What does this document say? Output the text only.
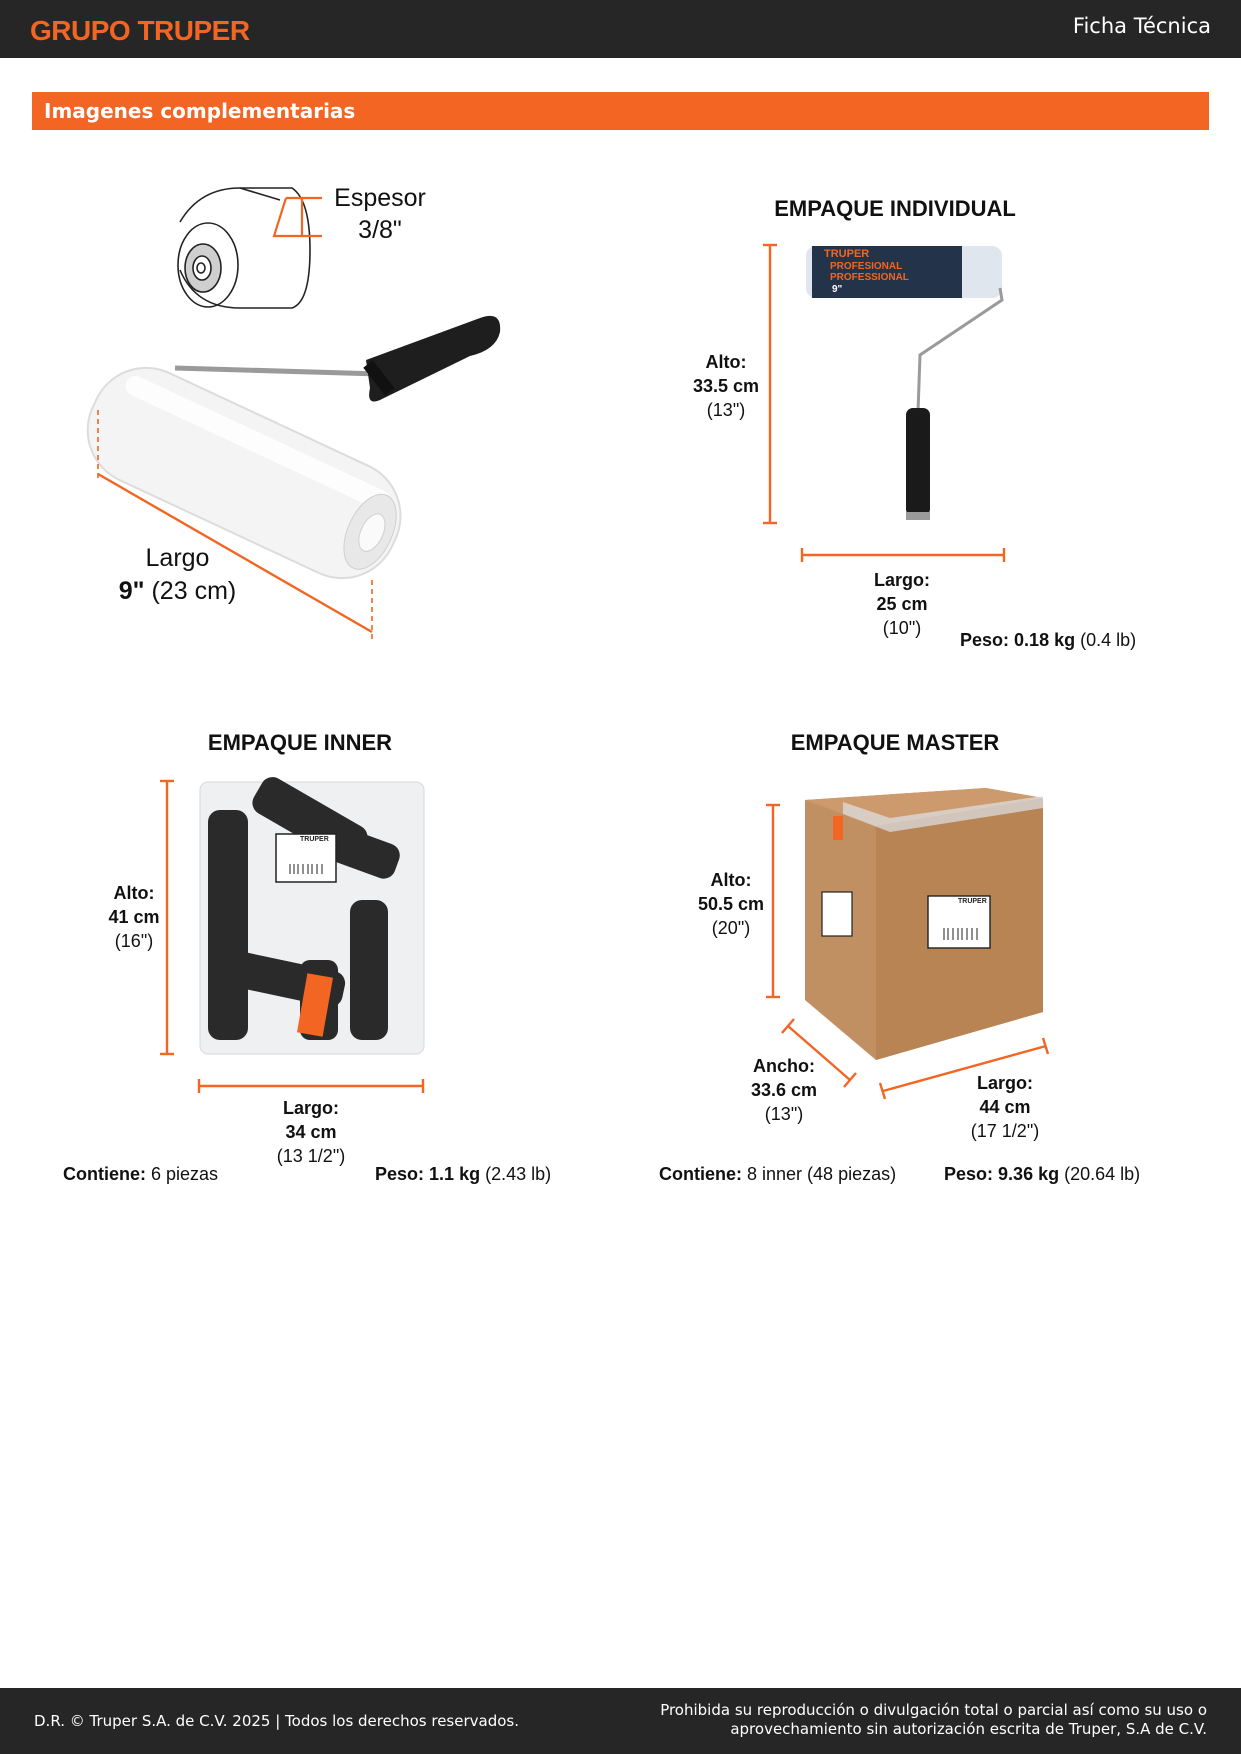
GRUPO TRUPER	Ficha Técnica
Imagenes complementarias
Espesor
3/8"
Largo
9" (23 cm)
EMPAQUE INDIVIDUAL
TRUPER
PROFESIONAL
PROFESSIONAL
9"
Alto:
33.5 cm
(13")
Largo:
25 cm
(10")
Peso: 0.18 kg (0.4 lb)
EMPAQUE INNER
TRUPER
Alto:
41 cm
(16")
Largo:
34 cm
(13 1/2")
Contiene: 6 piezas	Peso: 1.1 kg (2.43 lb)
EMPAQUE MASTER
TRUPER
Alto:
50.5 cm
(20")
Ancho:
33.6 cm
(13")
Largo:
44 cm
(17 1/2")
Contiene: 8 inner (48 piezas)	Peso: 9.36 kg (20.64 lb)
D.R. © Truper S.A. de C.V. 2025 | Todos los derechos reservados.
Prohibida su reproducción o divulgación total o parcial así como su uso o
aprovechamiento sin autorización escrita de Truper, S.A de C.V.
